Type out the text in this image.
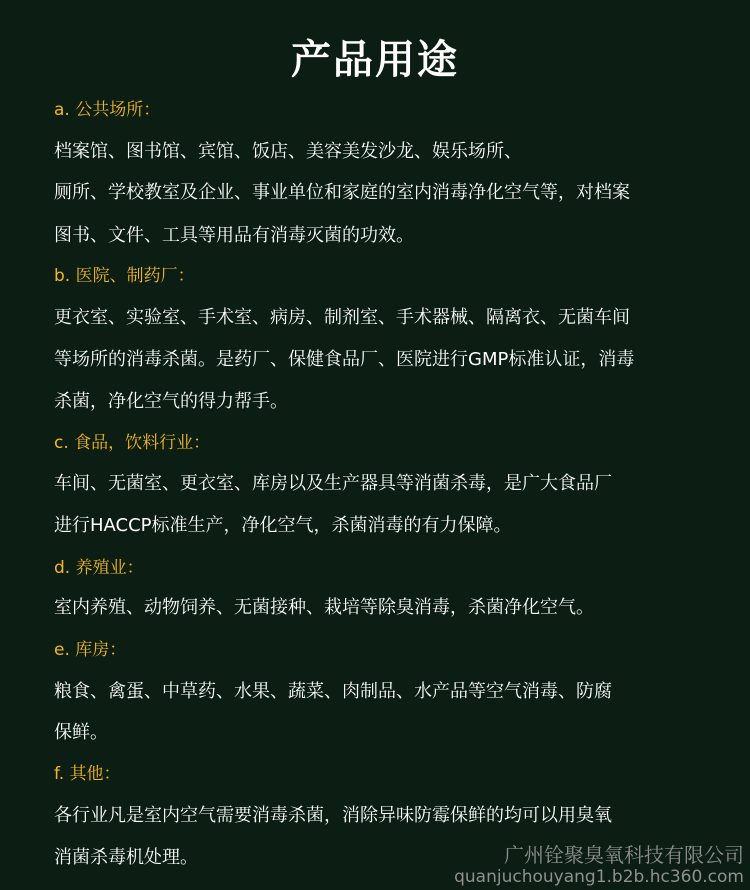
产品用途
a. 公共场所：
档案馆、图书馆、宾馆、饭店、美容美发沙龙、娱乐场所、
厕所、学校教室及企业、事业单位和家庭的室内消毒净化空气等，对档案
图书、文件、工具等用品有消毒灭菌的功效。
b. 医院、制药厂：
更衣室、实验室、手术室、病房、制剂室、手术器械、隔离衣、无菌车间
等场所的消毒杀菌。是药厂、保健食品厂、医院进行GMP标准认证，消毒
杀菌，净化空气的得力帮手。
c. 食品，饮料行业：
车间、无菌室、更衣室、库房以及生产器具等消菌杀毒，是广大食品厂
进行HACCP标准生产，净化空气，杀菌消毒的有力保障。
d. 养殖业：
室内养殖、动物饲养、无菌接种、栽培等除臭消毒，杀菌净化空气。
e. 库房：
粮食、禽蛋、中草药、水果、蔬菜、肉制品、水产品等空气消毒、防腐
保鲜。
f. 其他：
各行业凡是室内空气需要消毒杀菌，消除异味防霉保鲜的均可以用臭氧
消菌杀毒机处理。	广州铨聚臭氧科技有限公司
quanjuchouyang1.b2b.hc360.com
